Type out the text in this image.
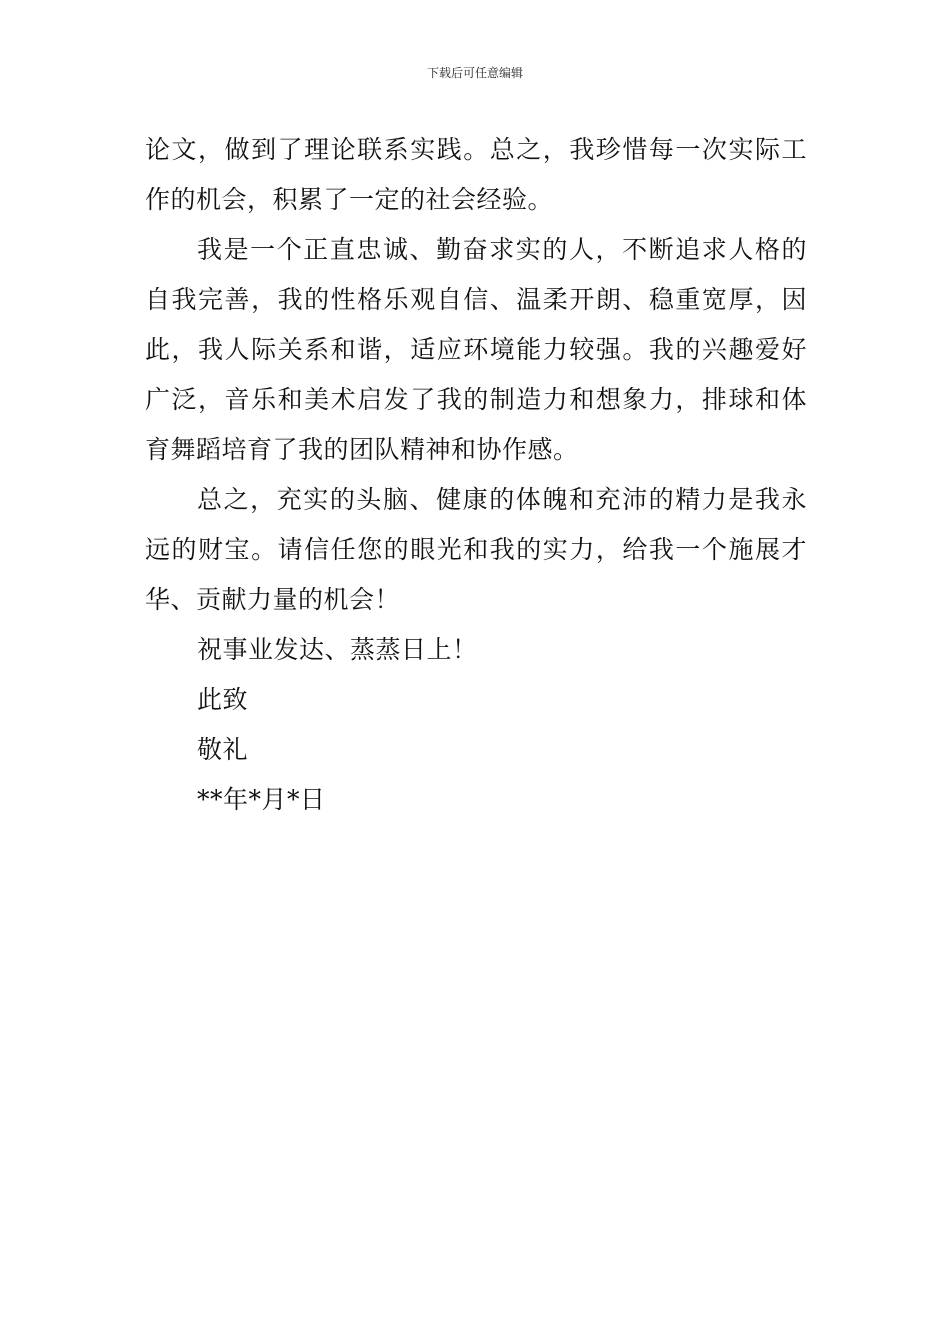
下载后可任意编辑

论文，做到了理论联系实践。总之，我珍惜每一次实际工作的机会，积累了一定的社会经验。

我是一个正直忠诚、勤奋求实的人，不断追求人格的自我完善，我的性格乐观自信、温柔开朗、稳重宽厚，因此，我人际关系和谐，适应环境能力较强。我的兴趣爱好广泛，音乐和美术启发了我的制造力和想象力，排球和体育舞蹈培育了我的团队精神和协作感。

总之，充实的头脑、健康的体魄和充沛的精力是我永远的财宝。请信任您的眼光和我的实力，给我一个施展才华、贡献力量的机会！

祝事业发达、蒸蒸日上！

此致

敬礼

**年*月*日
